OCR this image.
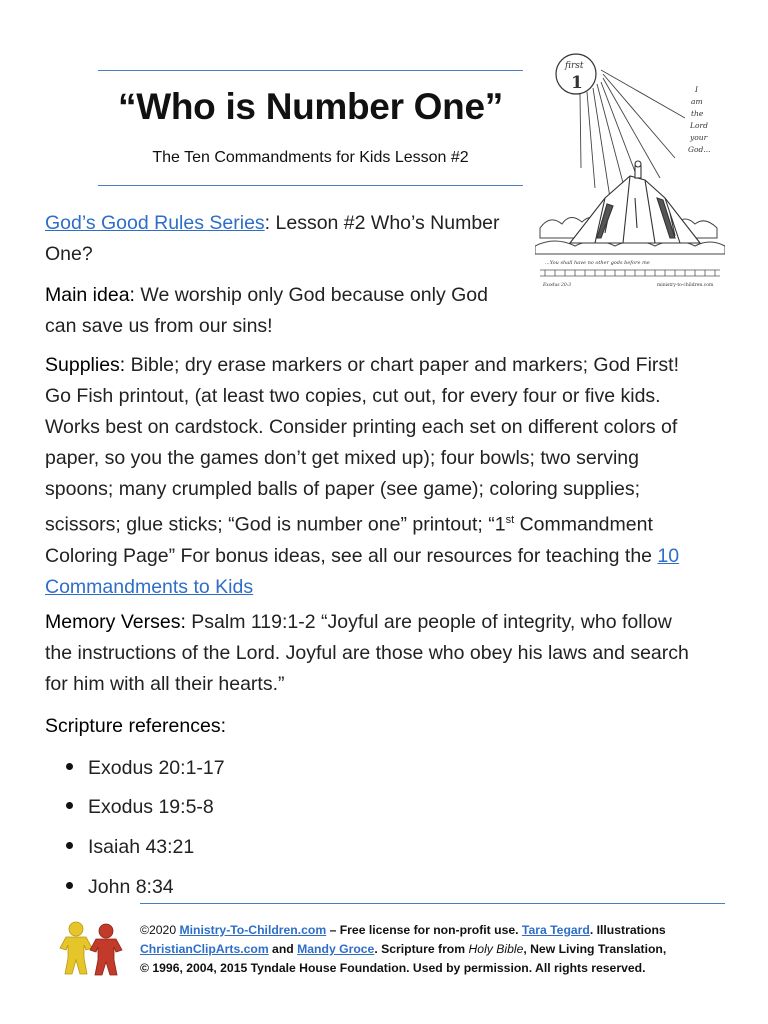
“Who is Number One”
The Ten Commandments for Kids Lesson #2
first
1	I
am
the
Lord
your
God...
...You shall have no other gods before me
Exodus 20:3	ministry-to-children.com
God’s Good Rules Series: Lesson #2 Who’s Number
One?
Main idea: We worship only God because only God
can save us from our sins!
Supplies: Bible; dry erase markers or chart paper and markers; God First!
Go Fish printout, (at least two copies, cut out, for every four or five kids.
Works best on cardstock. Consider printing each set on different colors of
paper, so you the games don’t get mixed up); four bowls; two serving
spoons; many crumpled balls of paper (see game); coloring supplies;
scissors; glue sticks; “God is number one” printout; “1st Commandment
Coloring Page” For bonus ideas, see all our resources for teaching the 10
Commandments to Kids
Memory Verses: Psalm 119:1-2 “Joyful are people of integrity, who follow
the instructions of the Lord. Joyful are those who obey his laws and search
for him with all their hearts.”
Scripture references:
Exodus 20:1-17
Exodus 19:5-8
Isaiah 43:21
John 8:34
©2020 Ministry-To-Children.com – Free license for non-profit use. Tara Tegard. Illustrations
ChristianClipArts.com and Mandy Groce. Scripture from Holy Bible, New Living Translation,
© 1996, 2004, 2015 Tyndale House Foundation. Used by permission. All rights reserved.
